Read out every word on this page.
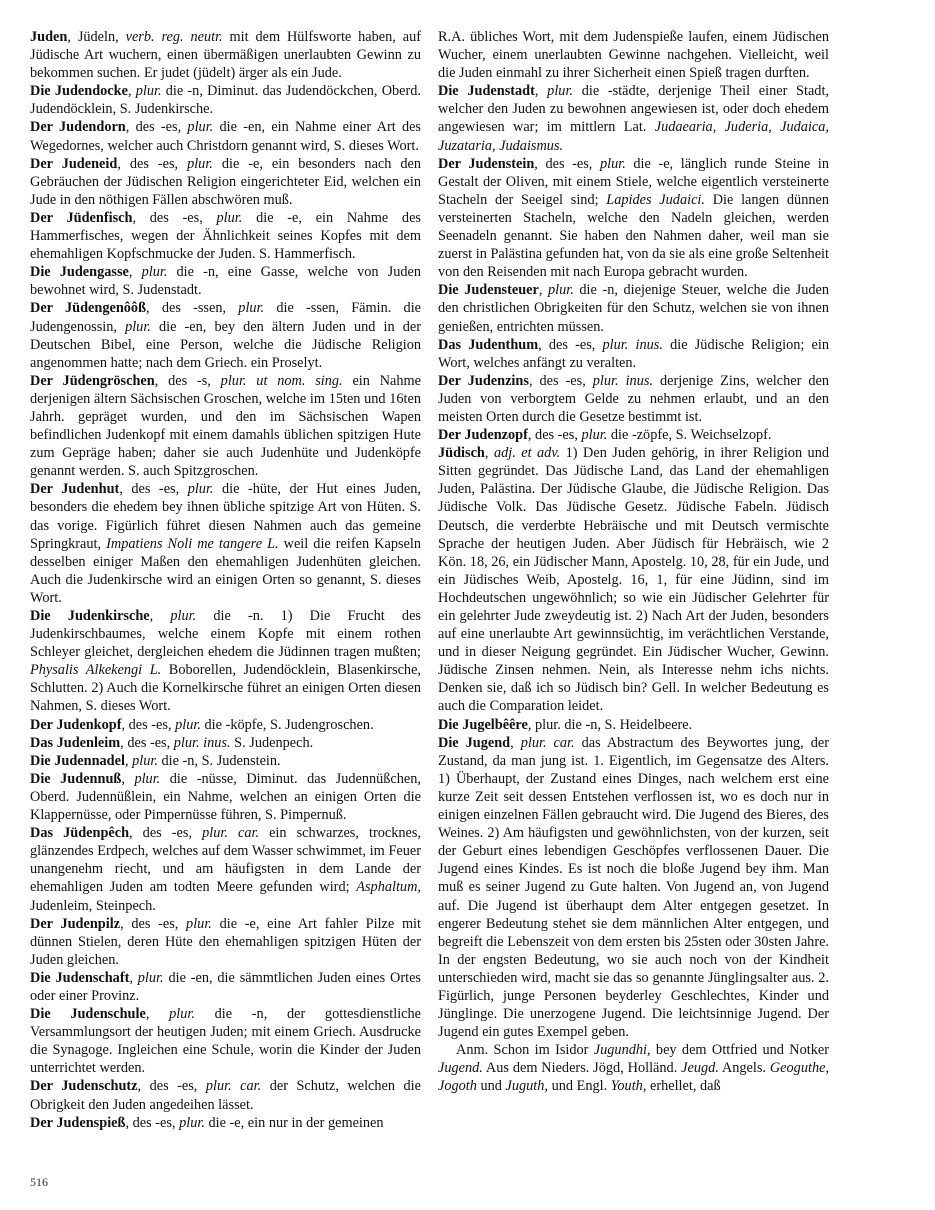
Juden, Jüdeln, verb. reg. neutr. mit dem Hülfsworte haben, auf Jüdische Art wuchern, einen übermäßigen unerlaubten Gewinn zu bekommen suchen. Er judet (jüdelt) ärger als ein Jude.

Die Judendocke, plur. die -n, Diminut. das Judendöckchen, Oberd. Judendöcklein, S. Judenkirsche.

Der Judendorn, des -es, plur. die -en, ein Nahme einer Art des Wegedornes, welcher auch Christdorn genannt wird, S. dieses Wort.

Der Judeneid, des -es, plur. die -e, ein besonders nach den Gebräuchen der Jüdischen Religion eingerichteter Eid, welchen ein Jude in den nöthigen Fällen abschwören muß.

Der Jüdenfisch, des -es, plur. die -e, ein Nahme des Hammerfisches, wegen der Ähnlichkeit seines Kopfes mit dem ehemahligen Kopfschmucke der Juden. S. Hammerfisch.

Die Judengasse, plur. die -n, eine Gasse, welche von Juden bewohnet wird, S. Judenstadt.

Der Jüdengenôôß, des -ssen, plur. die -ssen, Fämin. die Judengenossin, plur. die -en, bey den ältern Juden und in der Deutschen Bibel, eine Person, welche die Jüdische Religion angenommen hatte; nach dem Griech. ein Proselyt.

Der Jüdengröschen, des -s, plur. ut nom. sing. ein Nahme derjenigen ältern Sächsischen Groschen, welche im 15ten und 16ten Jahrh. gepräget wurden, und den im Sächsischen Wapen befindlichen Judenkopf mit einem damahls üblichen spitzigen Hute zum Gepräge haben; daher sie auch Judenhüte und Judenköpfe genannt werden. S. auch Spitzgroschen.

Der Judenhut, des -es, plur. die -hüte, der Hut eines Juden, besonders die ehedem bey ihnen übliche spitzige Art von Hüten. S. das vorige. Figürlich führet diesen Nahmen auch das gemeine Springkraut, Impatiens Noli me tangere L. weil die reifen Kapseln desselben einiger Maßen den ehemahligen Judenhüten gleichen. Auch die Judenkirsche wird an einigen Orten so genannt, S. dieses Wort.

Die Judenkirsche, plur. die -n. 1) Die Frucht des Judenkirschbaumes, welche einem Kopfe mit einem rothen Schleyer gleichet, dergleichen ehedem die Jüdinnen tragen mußten; Physalis Alkekengi L. Boborellen, Judendöcklein, Blasenkirsche, Schlutten. 2) Auch die Kornelkirsche führet an einigen Orten diesen Nahmen, S. dieses Wort.

Der Judenkopf, des -es, plur. die -köpfe, S. Judengroschen.

Das Judenleim, des -es, plur. inus. S. Judenpech.

Die Judennadel, plur. die -n, S. Judenstein.

Die Judennuß, plur. die -nüsse, Diminut. das Judennüßchen, Oberd. Judennüßlein, ein Nahme, welchen an einigen Orten die Klappernüsse, oder Pimpernüsse führen, S. Pimpernuß.

Das Jüdenpêch, des -es, plur. car. ein schwarzes, trocknes, glänzendes Erdpech, welches auf dem Wasser schwimmet, im Feuer unangenehm riecht, und am häufigsten in dem Lande der ehemahligen Juden am todten Meere gefunden wird; Asphaltum, Judenleim, Steinpech.

Der Judenpilz, des -es, plur. die -e, eine Art fahler Pilze mit dünnen Stielen, deren Hüte den ehemahligen spitzigen Hüten der Juden gleichen.

Die Judenschaft, plur. die -en, die sämmtlichen Juden eines Ortes oder einer Provinz.

Die Judenschule, plur. die -n, der gottesdienstliche Versammlungsort der heutigen Juden; mit einem Griech. Ausdrucke die Synagoge. Ingleichen eine Schule, worin die Kinder der Juden unterrichtet werden.

Der Judenschutz, des -es, plur. car. der Schutz, welchen die Obrigkeit den Juden angedeihen lässet.

Der Judenspieß, des -es, plur. die -e, ein nur in der gemeinen

R.A. übliches Wort, mit dem Judenspieße laufen, einem Jüdischen Wucher, einem unerlaubten Gewinne nachgehen. Vielleicht, weil die Juden einmahl zu ihrer Sicherheit einen Spieß tragen durften.

Die Judenstadt, plur. die -städte, derjenige Theil einer Stadt, welcher den Juden zu bewohnen angewiesen ist, oder doch ehedem angewiesen war; im mittlern Lat. Judaearia, Juderia, Judaica, Juzataria, Judaismus.

Der Judenstein, des -es, plur. die -e, länglich runde Steine in Gestalt der Oliven, mit einem Stiele, welche eigentlich versteinerte Stacheln der Seeigel sind; Lapides Judaici. Die langen dünnen versteinerten Stacheln, welche den Nadeln gleichen, werden Seenadeln genannt. Sie haben den Nahmen daher, weil man sie zuerst in Palästina gefunden hat, von da sie als eine große Seltenheit von den Reisenden mit nach Europa gebracht wurden.

Die Judensteuer, plur. die -n, diejenige Steuer, welche die Juden den christlichen Obrigkeiten für den Schutz, welchen sie von ihnen genießen, entrichten müssen.

Das Judenthum, des -es, plur. inus. die Jüdische Religion; ein Wort, welches anfängt zu veralten.

Der Judenzins, des -es, plur. inus. derjenige Zins, welcher den Juden von verborgtem Gelde zu nehmen erlaubt, und an den meisten Orten durch die Gesetze bestimmt ist.

Der Judenzopf, des -es, plur. die -zöpfe, S. Weichselzopf.

Jüdisch, adj. et adv. 1) Den Juden gehörig, in ihrer Religion und Sitten gegründet. Das Jüdische Land, das Land der ehemahligen Juden, Palästina. Der Jüdische Glaube, die Jüdische Religion. Das Jüdische Volk. Das Jüdische Gesetz. Jüdische Fabeln. Jüdisch Deutsch, die verderbte Hebräische und mit Deutsch vermischte Sprache der heutigen Juden. Aber Jüdisch für Hebräisch, wie 2 Kön. 18, 26, ein Jüdischer Mann, Apostelg. 10, 28, für ein Jude, und ein Jüdisches Weib, Apostelg. 16, 1, für eine Jüdinn, sind im Hochdeutschen ungewöhnlich; so wie ein Jüdischer Gelehrter für ein gelehrter Jude zweydeutig ist. 2) Nach Art der Juden, besonders auf eine unerlaubte Art gewinnsüchtig, im verächtlichen Verstande, und in dieser Neigung gegründet. Ein Jüdischer Wucher, Gewinn. Jüdische Zinsen nehmen. Nein, als Interesse nehm ichs nichts. Denken sie, daß ich so Jüdisch bin? Gell. In welcher Bedeutung es auch die Comparation leidet.

Die Jugelbêêre, plur. die -n, S. Heidelbeere.

Die Jugend, plur. car. das Abstractum des Beywortes jung, der Zustand, da man jung ist. 1. Eigentlich, im Gegensatze des Alters. 1) Überhaupt, der Zustand eines Dinges, nach welchem erst eine kurze Zeit seit dessen Entstehen verflossen ist, wo es doch nur in einigen einzelnen Fällen gebraucht wird. Die Jugend des Bieres, des Weines. 2) Am häufigsten und gewöhnlichsten, von der kurzen, seit der Geburt eines lebendigen Geschöpfes verflossenen Dauer. Die Jugend eines Kindes. Es ist noch die bloße Jugend bey ihm. Man muß es seiner Jugend zu Gute halten. Von Jugend an, von Jugend auf. Die Jugend ist überhaupt dem Alter entgegen gesetzet. In engerer Bedeutung stehet sie dem männlichen Alter entgegen, und begreift die Lebenszeit von dem ersten bis 25sten oder 30sten Jahre. In der engsten Bedeutung, wo sie auch noch von der Kindheit unterschieden wird, macht sie das so genannte Jünglingsalter aus. 2. Figürlich, junge Personen beyderley Geschlechtes, Kinder und Jünglinge. Die unerzogene Jugend. Die leichtsinnige Jugend. Der Jugend ein gutes Exempel geben.

Anm. Schon im Isidor Jugundhi, bey dem Ottfried und Notker Jugend. Aus dem Nieders. Jögd, Holländ. Jeugd. Angels. Geoguthe, Jogoth und Juguth, und Engl. Youth, erhellet, daß

516
